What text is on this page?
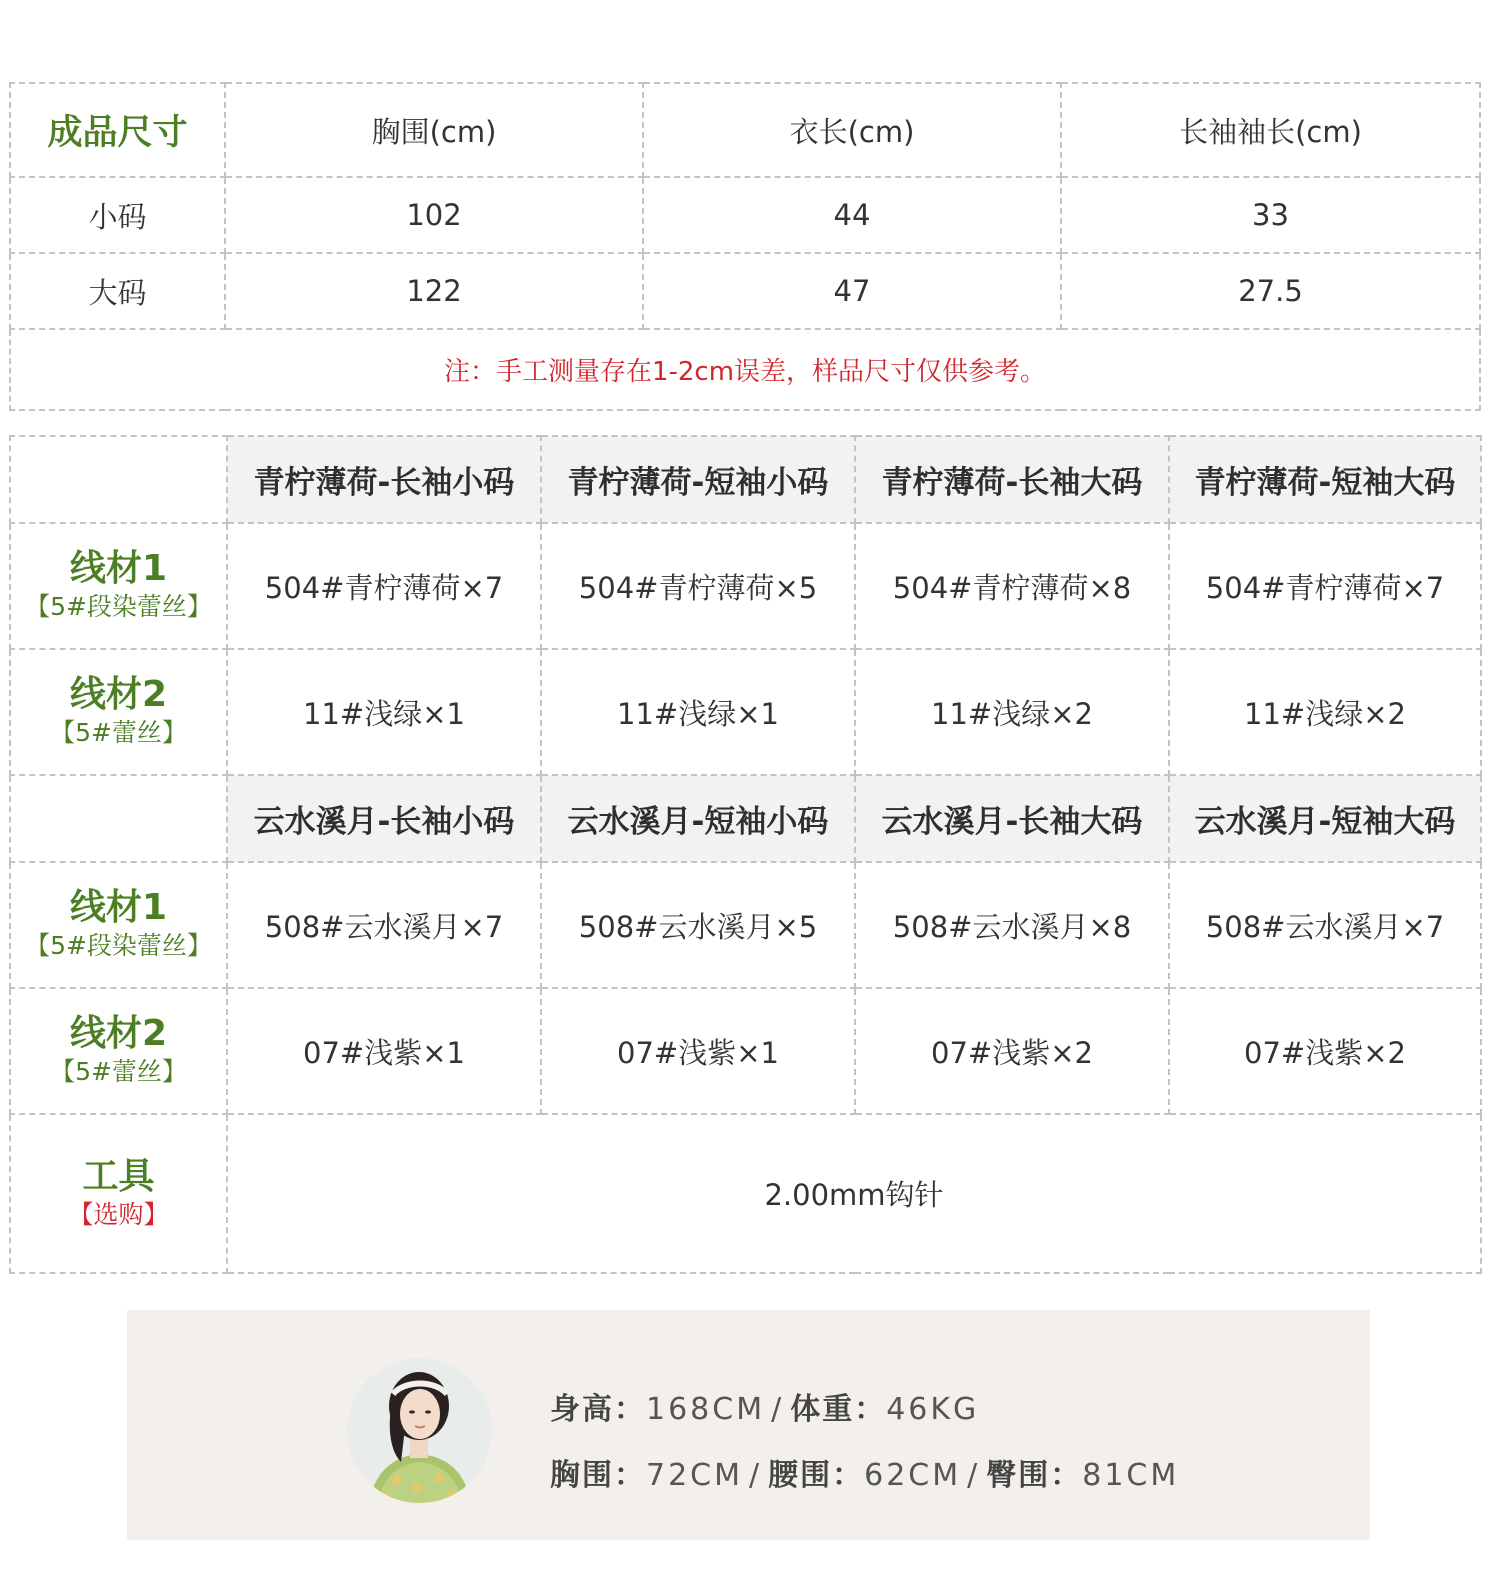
成品尺寸	胸围(cm)	衣长(cm)	长袖袖长(cm)
小码	102	44	33
大码	122	47	27.5
注：手工测量存在1-2cm误差，样品尺寸仅供参考。			
	青柠薄荷-长袖小码	青柠薄荷-短袖小码	青柠薄荷-长袖大码	青柠薄荷-短袖大码

线材1
【5#段染蕾丝】	504#青柠薄荷×7	504#青柠薄荷×5	504#青柠薄荷×8	504#青柠薄荷×7

线材2
【5#蕾丝】	11#浅绿×1	11#浅绿×1	11#浅绿×2	11#浅绿×2
	云水溪月-长袖小码	云水溪月-短袖小码	云水溪月-长袖大码	云水溪月-短袖大码

线材1
【5#段染蕾丝】	508#云水溪月×7	508#云水溪月×5	508#云水溪月×8	508#云水溪月×7

线材2
【5#蕾丝】	07#浅紫×1	07#浅紫×1	07#浅紫×2	07#浅紫×2

工具
【选购】	2.00mm钩针			
身高：168CM / 体重：46KG
胸围：72CM / 腰围：62CM / 臀围：81CM
